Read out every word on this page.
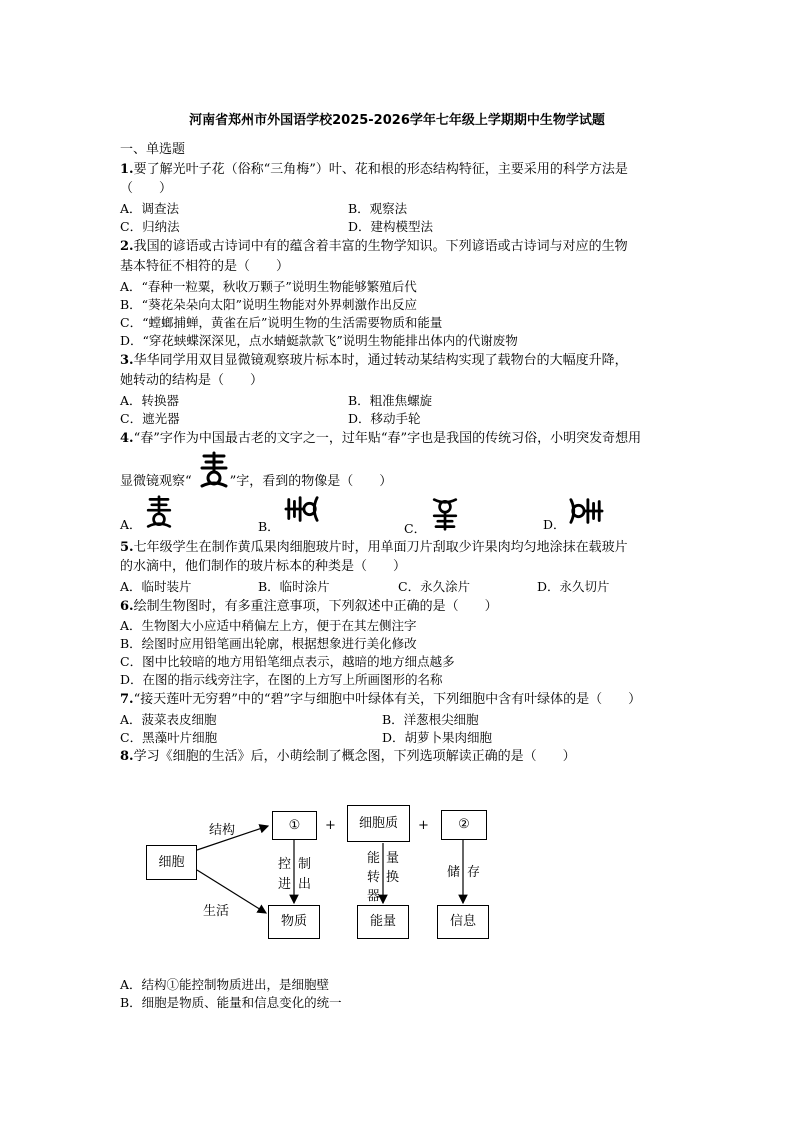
河南省郑州市外国语学校2025-2026学年七年级上学期期中生物学试题
一、单选题
1.要了解光叶子花（俗称“三角梅”）叶、花和根的形态结构特征，主要采用的科学方法是
（　　）
A．调查法	B．观察法
C．归纳法	D．建构模型法
2.我国的谚语或古诗词中有的蕴含着丰富的生物学知识。下列谚语或古诗词与对应的生物
基本特征不相符的是（　　）
A．“春种一粒粟，秋收万颗子”说明生物能够繁殖后代
B．“葵花朵朵向太阳”说明生物能对外界刺激作出反应
C．“螳螂捕蝉，黄雀在后”说明生物的生活需要物质和能量
D．“穿花蛱蝶深深见，点水蜻蜓款款飞”说明生物能排出体内的代谢废物
3.华华同学用双目显微镜观察玻片标本时，通过转动某结构实现了载物台的大幅度升降，
她转动的结构是（　　）
A．转换器	B．粗准焦螺旋
C．遮光器	D．移动手轮
4.“春”字作为中国最古老的文字之一，过年贴“春”字也是我国的传统习俗，小明突发奇想用
显微镜观察“	”字，看到的物像是（　　）
A．	B．	C．	D．
5.七年级学生在制作黄瓜果肉细胞玻片时，用单面刀片刮取少许果肉均匀地涂抹在载玻片
的水滴中，他们制作的玻片标本的种类是（　　）
A．临时装片	B．临时涂片	C．永久涂片	D．永久切片
6.绘制生物图时，有多重注意事项，下列叙述中正确的是（　　）
A．生物图大小应适中稍偏左上方，便于在其左侧注字
B．绘图时应用铅笔画出轮廓，根据想象进行美化修改
C．图中比较暗的地方用铅笔细点表示，越暗的地方细点越多
D．在图的指示线旁注字，在图的上方写上所画图形的名称
7.“接天莲叶无穷碧”中的“碧”字与细胞中叶绿体有关，下列细胞中含有叶绿体的是（　　）
A．菠菜表皮细胞	B．洋葱根尖细胞
C．黑藻叶片细胞	D．胡萝卜果肉细胞
8.学习《细胞的生活》后，小萌绘制了概念图，下列选项解读正确的是（　　）
细胞
结构
生活
①	+	细胞质	+	②
控 制
进 出
能 量
转 换
器
储 存
物质	能量	信息
A．结构①能控制物质进出，是细胞壁
B．细胞是物质、能量和信息变化的统一
